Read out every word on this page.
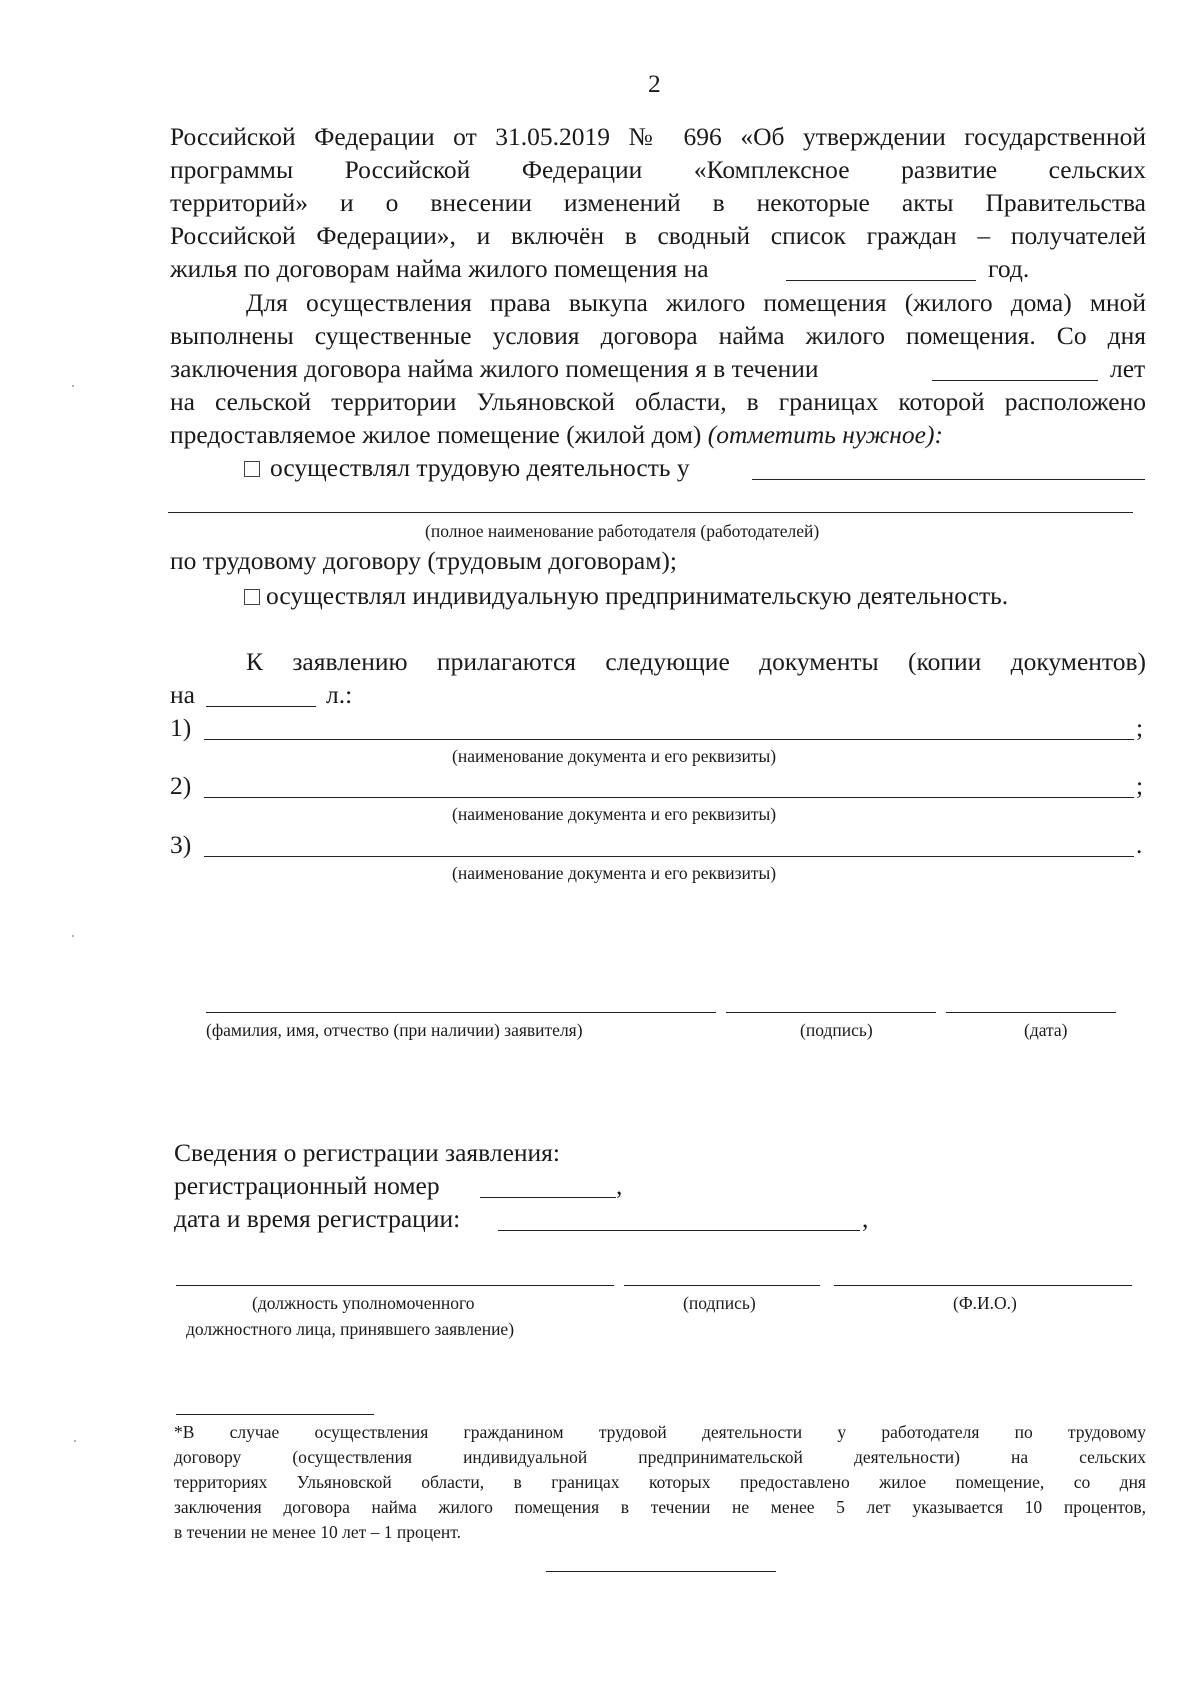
2
Российской Федерации от 31.05.2019 № 696 «Об утверждении государственной
программы Российской Федерации «Комплексное развитие сельских
территорий» и о внесении изменений в некоторые акты Правительства
Российской Федерации», и включён в сводный список граждан – получателей
жилья по договорам найма жилого помещения на	год.
Для осуществления права выкупа жилого помещения (жилого дома) мной
выполнены существенные условия договора найма жилого помещения. Со дня
заключения договора найма жилого помещения я в течении	лет
на сельской территории Ульяновской области, в границах которой расположено
предоставляемое жилое помещение (жилой дом) (отметить нужное):
осуществлял трудовую деятельность у
(полное наименование работодателя (работодателей)
по трудовому договору (трудовым договорам);
осуществлял индивидуальную предпринимательскую деятельность.
К заявлению прилагаются следующие документы (копии документов)
на	л.:
1)	;
(наименование документа и его реквизиты)
2)	;
(наименование документа и его реквизиты)
3)	.
(наименование документа и его реквизиты)
(фамилия, имя, отчество (при наличии) заявителя)	(подпись)	(дата)
Сведения о регистрации заявления:
регистрационный номер	,
дата и время регистрации:	,
(должность уполномоченного
должностного лица, принявшего заявление)
(подпись)	(Ф.И.О.)
*В случае осуществления гражданином трудовой деятельности у работодателя по трудовому
договору (осуществления индивидуальной предпринимательской деятельности) на сельских
территориях Ульяновской области, в границах которых предоставлено жилое помещение, со дня
заключения договора найма жилого помещения в течении не менее 5 лет указывается 10 процентов,
в течении не менее 10 лет – 1 процент.
